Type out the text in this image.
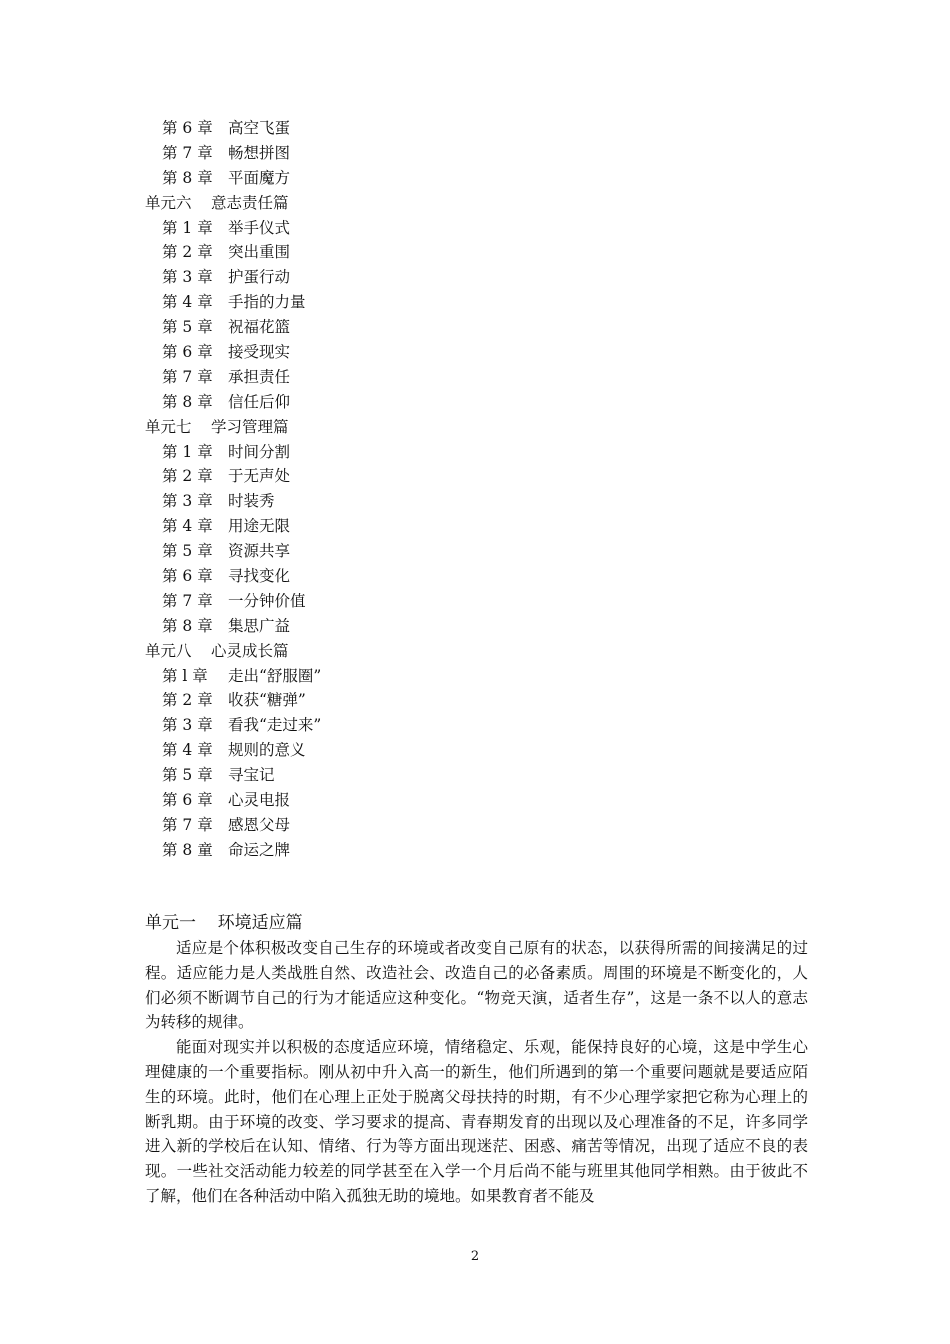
第 6 章 高空飞蛋
第 7 章 畅想拼图
第 8 章 平面魔方
单元六 意志责任篇
第 1 章 举手仪式
第 2 章 突出重围
第 3 章 护蛋行动
第 4 章 手指的力量
第 5 章 祝福花篮
第 6 章 接受现实
第 7 章 承担责任
第 8 章 信任后仰
单元七 学习管理篇
第 1 章 时间分割
第 2 章 于无声处
第 3 章 时装秀
第 4 章 用途无限
第 5 章 资源共享
第 6 章 寻找变化
第 7 章 一分钟价值
第 8 章 集思广益
单元八 心灵成长篇
第 l 章 走出“舒服圈”
第 2 章 收获“糖弹”
第 3 章 看我“走过来”
第 4 章 规则的意义
第 5 章 寻宝记
第 6 章 心灵电报
第 7 章 感恩父母
第 8 童 命运之牌
单元一    环境适应篇

适应是个体积极改变自己生存的环境或者改变自己原有的状态，以获得所需的间接满足的过程。适应能力是人类战胜自然、改造社会、改造自己的必备素质。周围的环境是不断变化的，人们必须不断调节自己的行为才能适应这种变化。“物竞天演，适者生存”，这是一条不以人的意志为转移的规律。

能面对现实并以积极的态度适应环境，情绪稳定、乐观，能保持良好的心境，这是中学生心理健康的一个重要指标。刚从初中升入高一的新生，他们所遇到的第一个重要问题就是要适应陌生的环境。此时，他们在心理上正处于脱离父母扶持的时期，有不少心理学家把它称为心理上的断乳期。由于环境的改变、学习要求的提高、青春期发育的出现以及心理准备的不足，许多同学进入新的学校后在认知、情绪、行为等方面出现迷茫、困惑、痛苦等情况，出现了适应不良的表现。一些社交活动能力较差的同学甚至在入学一个月后尚不能与班里其他同学相熟。由于彼此不了解，他们在各种活动中陷入孤独无助的境地。如果教育者不能及

2
